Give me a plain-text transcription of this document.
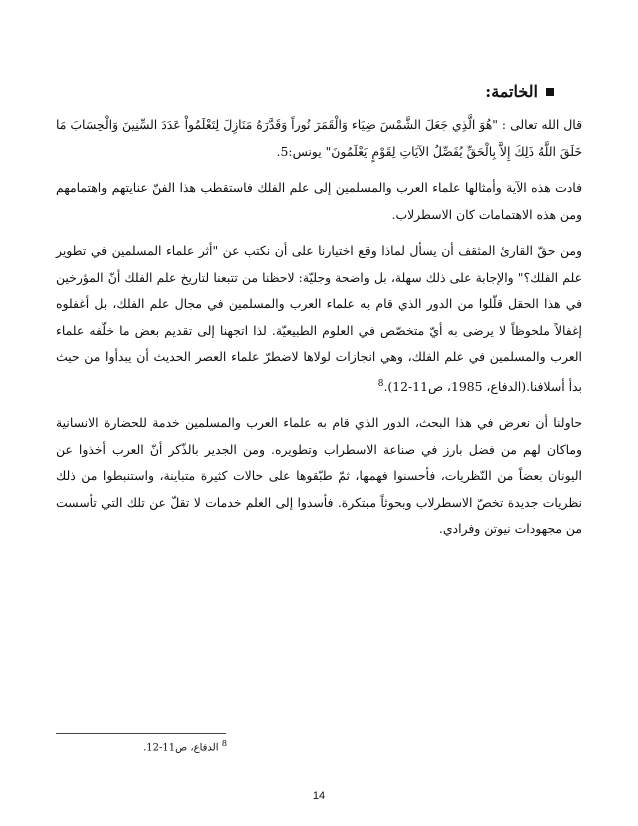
الخاتمة:

قال الله تعالى : "هُوَ الَّذِي جَعَلَ الشَّمْسَ ضِيَاء وَالْقَمَرَ نُوراً وَقَدَّرَهُ مَنَازِلَ لِتَعْلَمُواْ عَدَدَ السِّنِينَ وَالْحِسَابَ مَا خَلَقَ اللَّهُ ذَلِكَ إِلاَّ بِالْحَقِّ يُفَصِّلُ الآيَاتِ لِقَوْمٍ يَعْلَمُونَ" يونس:5.

فادت هذه الآية وأمثالها علماء العرب والمسلمين إلى علم الفلك فاستقطب هذا الفنّ عنايتهم واهتمامهم ومن هذه الاهتمامات كان الاسطرلاب.

ومن حقّ القارئ المثقف أن يسأل لماذا وقع اختيارنا على أن نكتب عن "أثر علماء المسلمين في تطوير علم الفلك؟" والإجابة على ذلك سهلة، بل واضحة وجليّة: لاحظنا من تتبعنا لتاريخ علم الفلك أنّ المؤرخين في هذا الحقل قلّلوا من الدور الذي قام به علماء العرب والمسلمين في مجال علم الفلك، بل أغفلوه إغفالاً ملحوظاً لا يرضى به أيّ متخصّص في العلوم الطبيعيّة. لذا اتجهنا إلى تقديم بعض ما خلّفه علماء العرب والمسلمين في علم الفلك، وهي انجازات لولاها لاضطرّ علماء العصر الحديث أن يبدأوا من حيث بدأ أسلافنا.(الدفاع، 1985، ص11-12).$^8$

حاولنا أن نعرض في هذا البحث، الدور الذي قام به علماء العرب والمسلمين خدمة للحضارة الانسانية وماكان لهم من فضل بارز في صناعة الاسطراب وتطويره. ومن الجدير بالذّكر أنّ العرب أخذوا عن اليونان بعضاً من النّظريات، فأحسنوا فهمها، ثمّ طبّقوها على حالات كثيرة متباينة، واستنبطوا من ذلك نظريات جديدة تخصّ الاسطرلاب وبحوثاً مبتكرة. فأسدوا إلى العلم خدمات لا تقلّ عن تلك التي تأسست من مجهودات نيوتن وفرادي.

$^8$ الدفاع، ص11-12.
14
